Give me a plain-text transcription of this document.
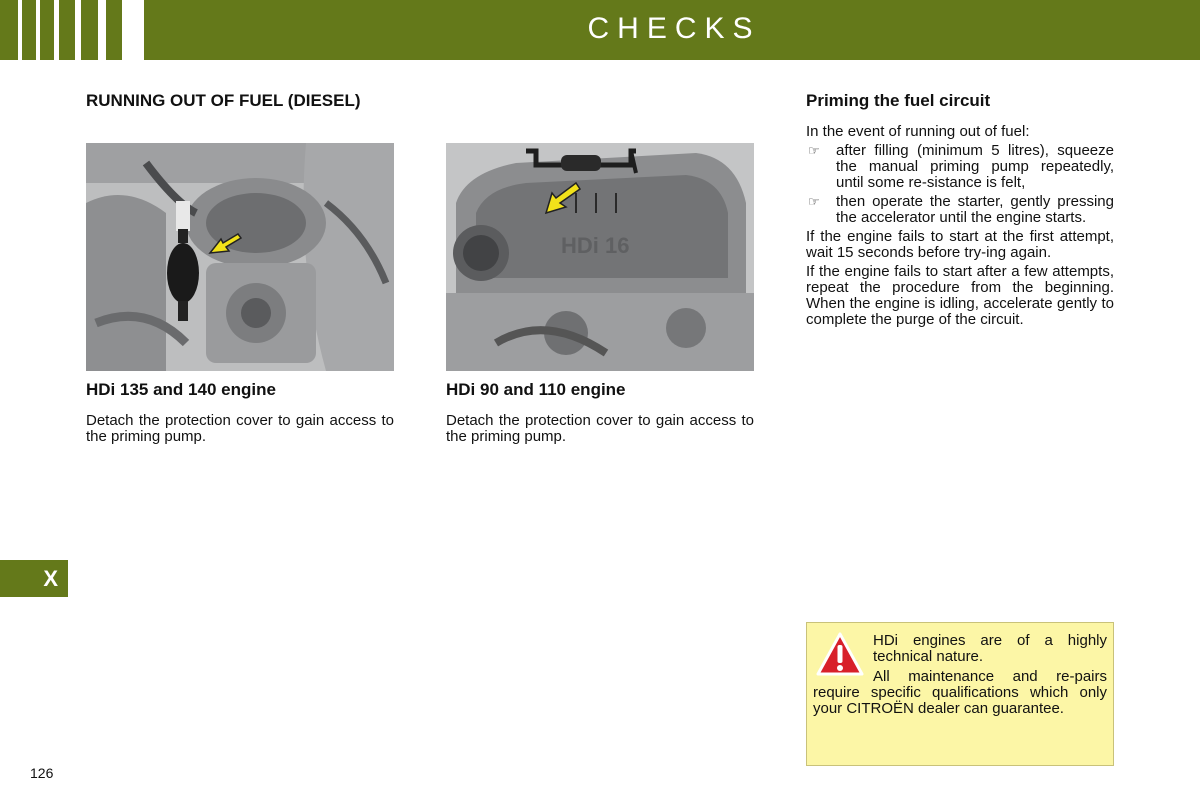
CHECKS
RUNNING OUT OF FUEL (DIESEL)
HDi 16
HDi 135 and 140 engine	HDi 90 and 110 engine
Detach the protection cover to gain access to the priming pump.
Detach the protection cover to gain access to the priming pump.
Priming the fuel circuit

In the event of running out of fuel:

☞ after filling (minimum 5 litres), squeeze the manual priming pump repeatedly, until some re-sistance is felt,
☞ then operate the starter, gently pressing the accelerator until the engine starts.

If the engine fails to start at the first attempt, wait 15 seconds before try-ing again.

If the engine fails to start after a few attempts, repeat the procedure from the beginning. When the engine is idling, accelerate gently to complete the purge of the circuit.

HDi engines are of a highly technical nature.
All maintenance and re-pairs require specific qualifications which only your CITROËN dealer can guarantee.
X
126
